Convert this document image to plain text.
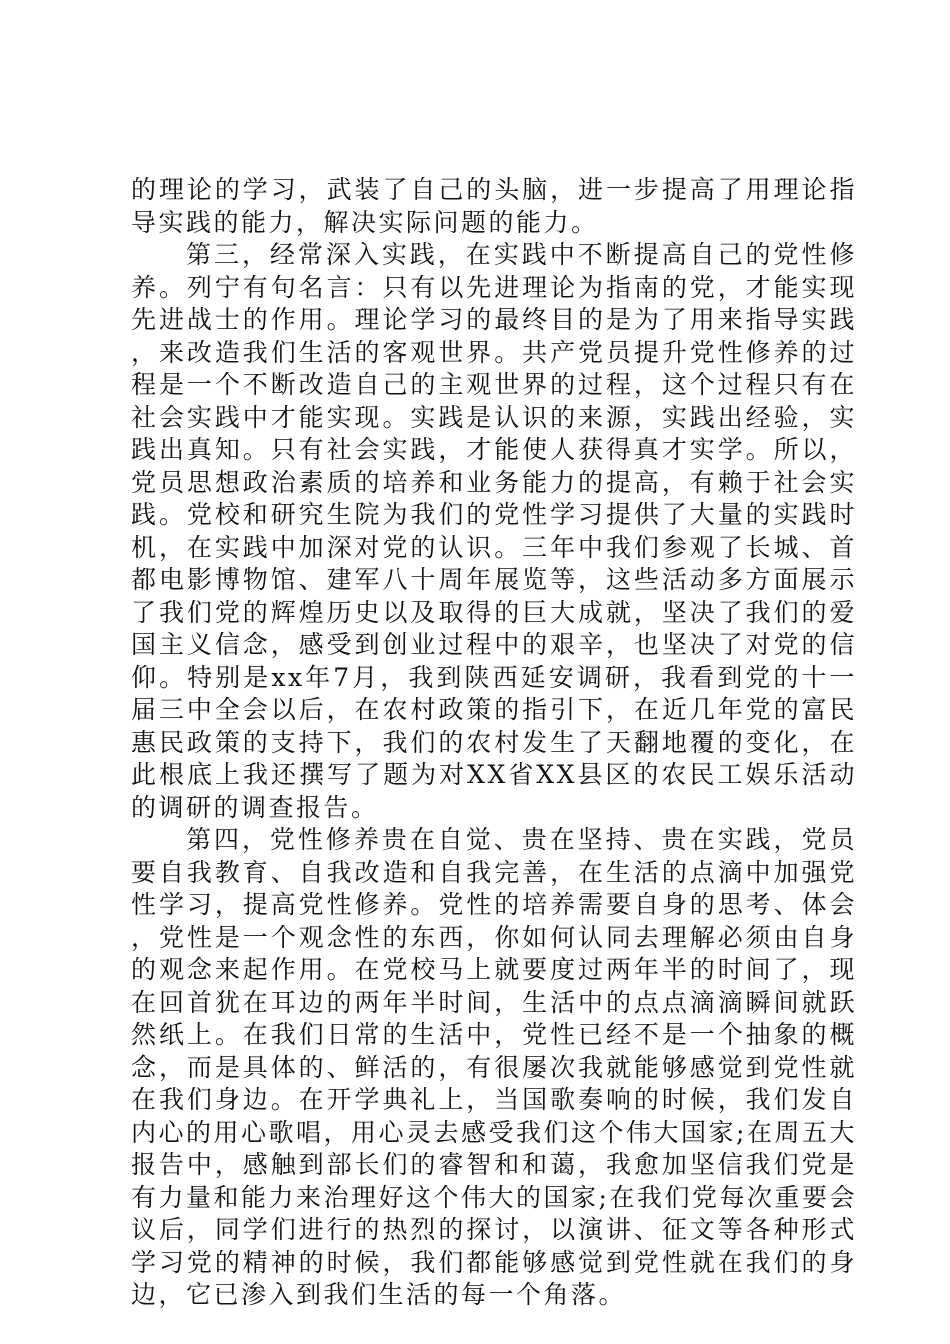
的理论的学习，武装了自己的头脑，进一步提高了用理论指导实践的能力，解决实际问题的能力。

第三，经常深入实践，在实践中不断提高自己的党性修养。列宁有句名言：只有以先进理论为指南的党，才能实现先进战士的作用。理论学习的最终目的是为了用来指导实践，来改造我们生活的客观世界。共产党员提升党性修养的过程是一个不断改造自己的主观世界的过程，这个过程只有在社会实践中才能实现。实践是认识的来源，实践出经验，实践出真知。只有社会实践，才能使人获得真才实学。所以，党员思想政治素质的培养和业务能力的提高，有赖于社会实践。党校和研究生院为我们的党性学习提供了大量的实践时机，在实践中加深对党的认识。三年中我们参观了长城、首都电影博物馆、建军八十周年展览等，这些活动多方面展示了我们党的辉煌历史以及取得的巨大成就，坚决了我们的爱国主义信念，感受到创业过程中的艰辛，也坚决了对党的信仰。特别是xx年7月，我到陕西延安调研，我看到党的十一届三中全会以后，在农村政策的指引下，在近几年党的富民惠民政策的支持下，我们的农村发生了天翻地覆的变化，在此根底上我还撰写了题为对XX省XX县区的农民工娱乐活动的调研的调查报告。

第四，党性修养贵在自觉、贵在坚持、贵在实践，党员要自我教育、自我改造和自我完善，在生活的点滴中加强党性学习，提高党性修养。党性的培养需要自身的思考、体会，党性是一个观念性的东西，你如何认同去理解必须由自身的观念来起作用。在党校马上就要度过两年半的时间了，现在回首犹在耳边的两年半时间，生活中的点点滴滴瞬间就跃然纸上。在我们日常的生活中，党性已经不是一个抽象的概念，而是具体的、鲜活的，有很屡次我就能够感觉到党性就在我们身边。在开学典礼上，当国歌奏响的时候，我们发自内心的用心歌唱，用心灵去感受我们这个伟大国家;在周五大报告中，感触到部长们的睿智和和蔼，我愈加坚信我们党是有力量和能力来治理好这个伟大的国家;在我们党每次重要会议后，同学们进行的热烈的探讨，以演讲、征文等各种形式学习党的精神的时候，我们都能够感觉到党性就在我们的身边，它已渗入到我们生活的每一个角落。
